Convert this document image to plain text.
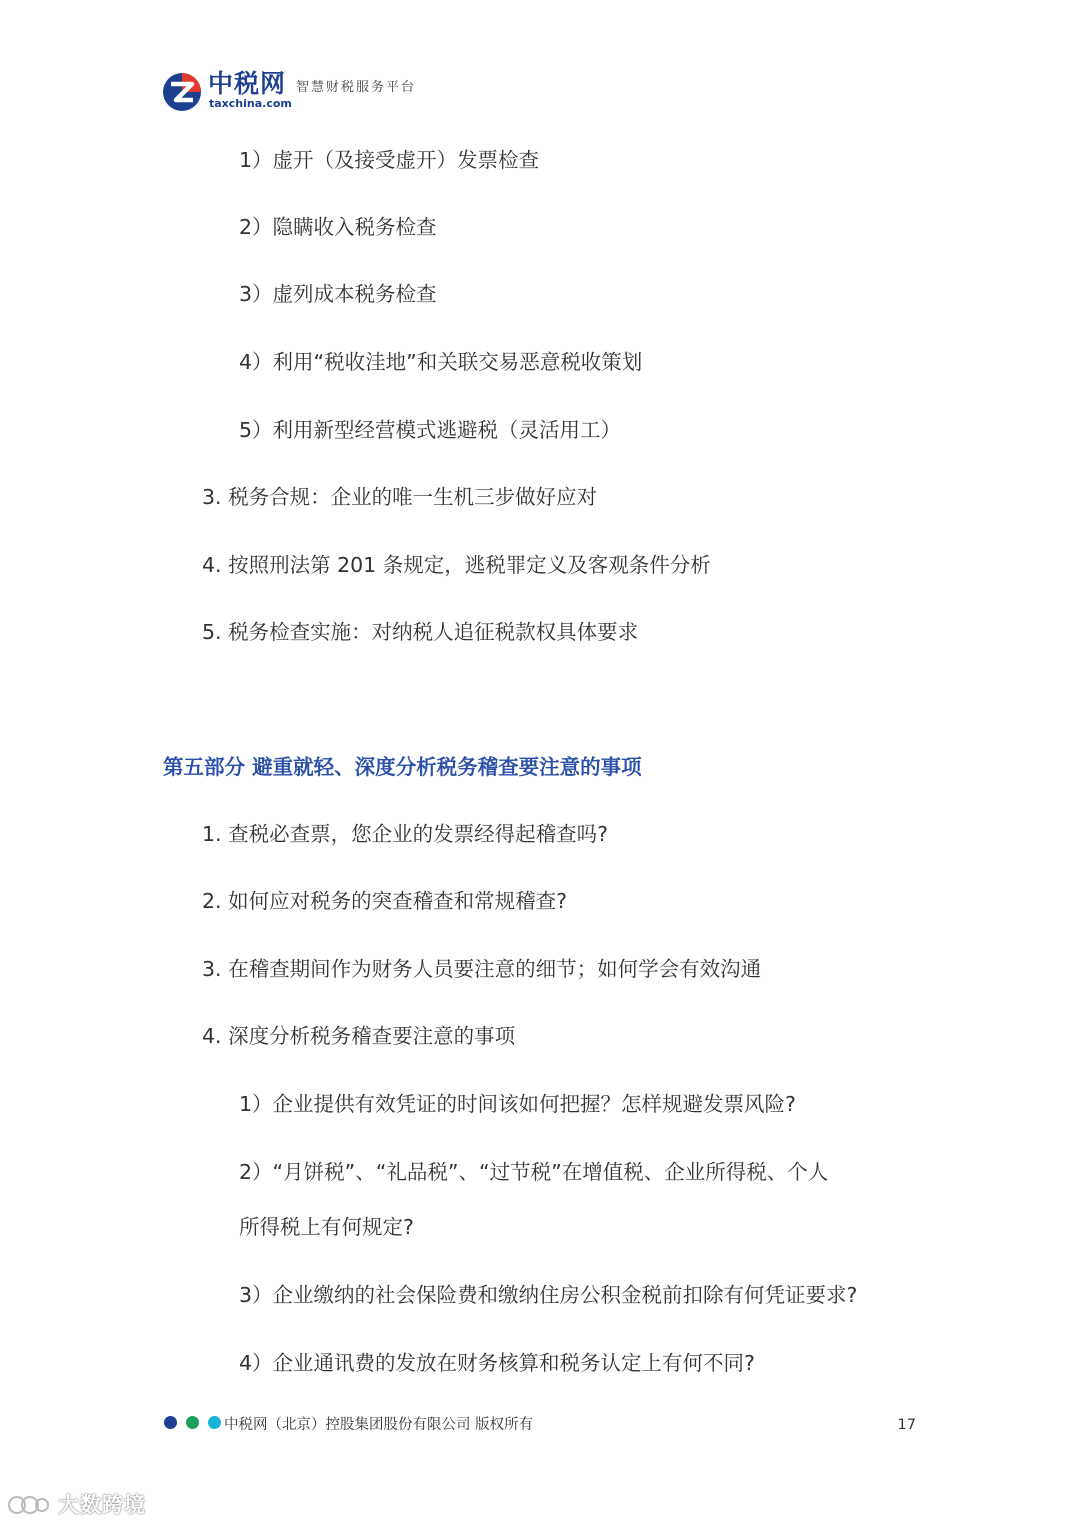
中税网
taxchina.com
智慧财税服务平台
1）虚开（及接受虚开）发票检查
2）隐瞒收入税务检查
3）虚列成本税务检查
4）利用“税收洼地”和关联交易恶意税收策划
5）利用新型经营模式逃避税（灵活用工）
3. 税务合规：企业的唯一生机三步做好应对
4. 按照刑法第 201 条规定，逃税罪定义及客观条件分析
5. 税务检查实施：对纳税人追征税款权具体要求
第五部分 避重就轻、深度分析税务稽查要注意的事项
1. 查税必查票，您企业的发票经得起稽查吗?
2. 如何应对税务的突查稽查和常规稽查?
3. 在稽查期间作为财务人员要注意的细节；如何学会有效沟通
4. 深度分析税务稽查要注意的事项
1）企业提供有效凭证的时间该如何把握？怎样规避发票风险?
2）“月饼税”、“礼品税”、“过节税”在增值税、企业所得税、个人
所得税上有何规定?
3）企业缴纳的社会保险费和缴纳住房公积金税前扣除有何凭证要求?
4）企业通讯费的发放在财务核算和税务认定上有何不同?
中税网（北京）控股集团股份有限公司 版权所有	17
大数跨境
